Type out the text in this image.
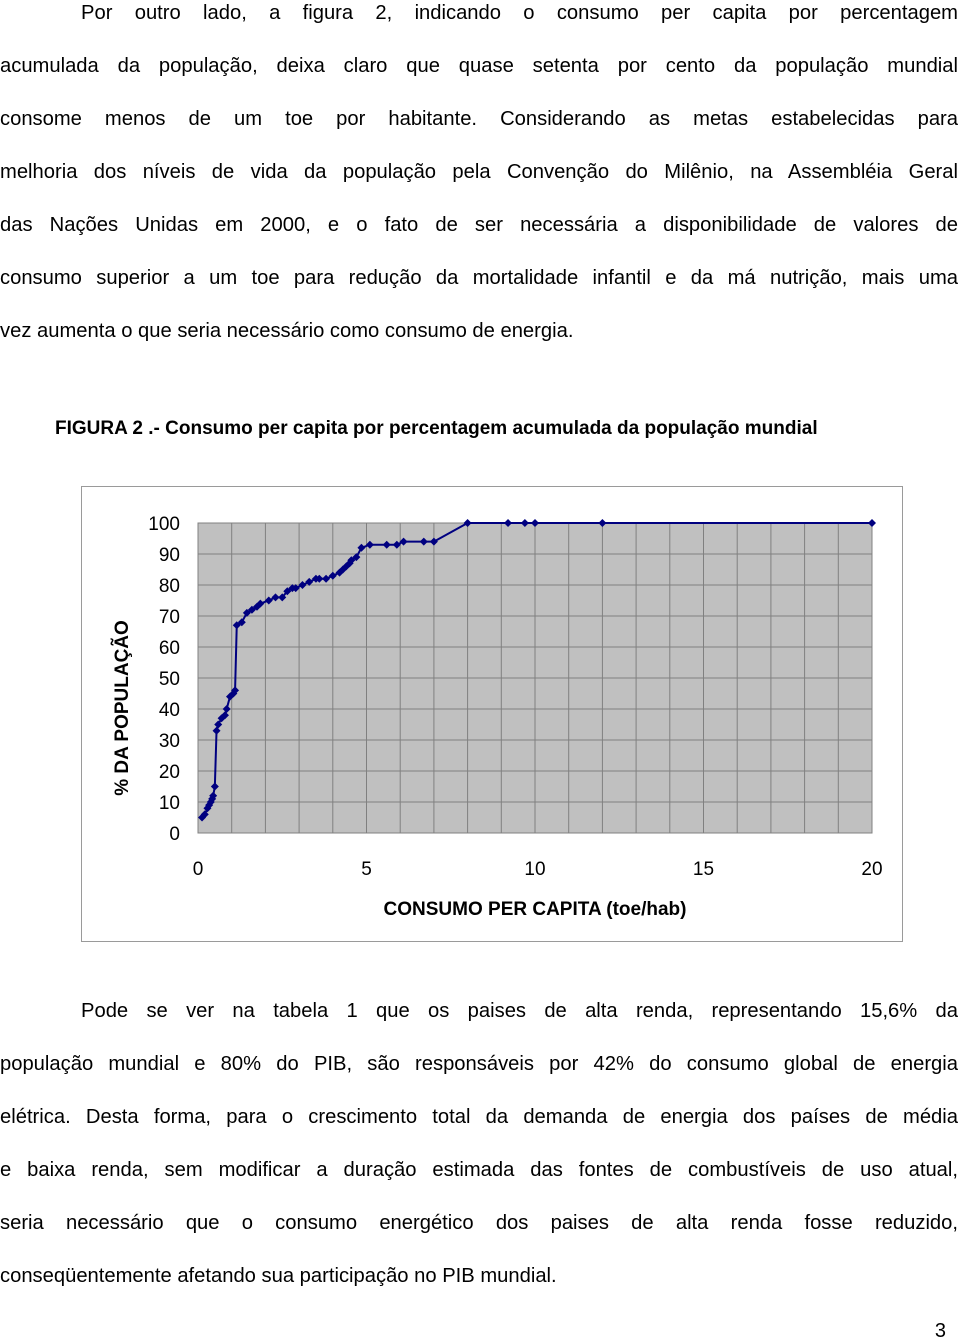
Por outro lado, a figura 2, indicando o consumo per capita por percentagem
acumulada da população, deixa claro que quase setenta por cento da população mundial
consome menos de um toe por habitante. Considerando as metas estabelecidas para
melhoria dos níveis de vida da população pela Convenção do Milênio, na Assembléia Geral
das Nações Unidas em 2000, e o fato de ser necessária a disponibilidade de valores de
consumo superior a um toe para redução da mortalidade infantil e da má nutrição, mais uma
vez aumenta o que seria necessário como consumo de energia.
FIGURA 2 .- Consumo per capita por percentagem acumulada da população mundial
0
10
20
30
40
50
60
70
80
90
100
0	5	10	15	20
CONSUMO PER CAPITA (toe/hab)
% DA POPULAÇÃO
Pode se ver na tabela 1 que os paises de alta renda, representando 15,6% da
população mundial e 80% do PIB, são responsáveis por 42% do consumo global de energia
elétrica. Desta forma, para o crescimento total da demanda de energia dos países de média
e baixa renda, sem modificar a duração estimada das fontes de combustíveis de uso atual,
seria necessário que o consumo energético dos paises de alta renda fosse reduzido,
conseqüentemente afetando sua participação no PIB mundial.
3
